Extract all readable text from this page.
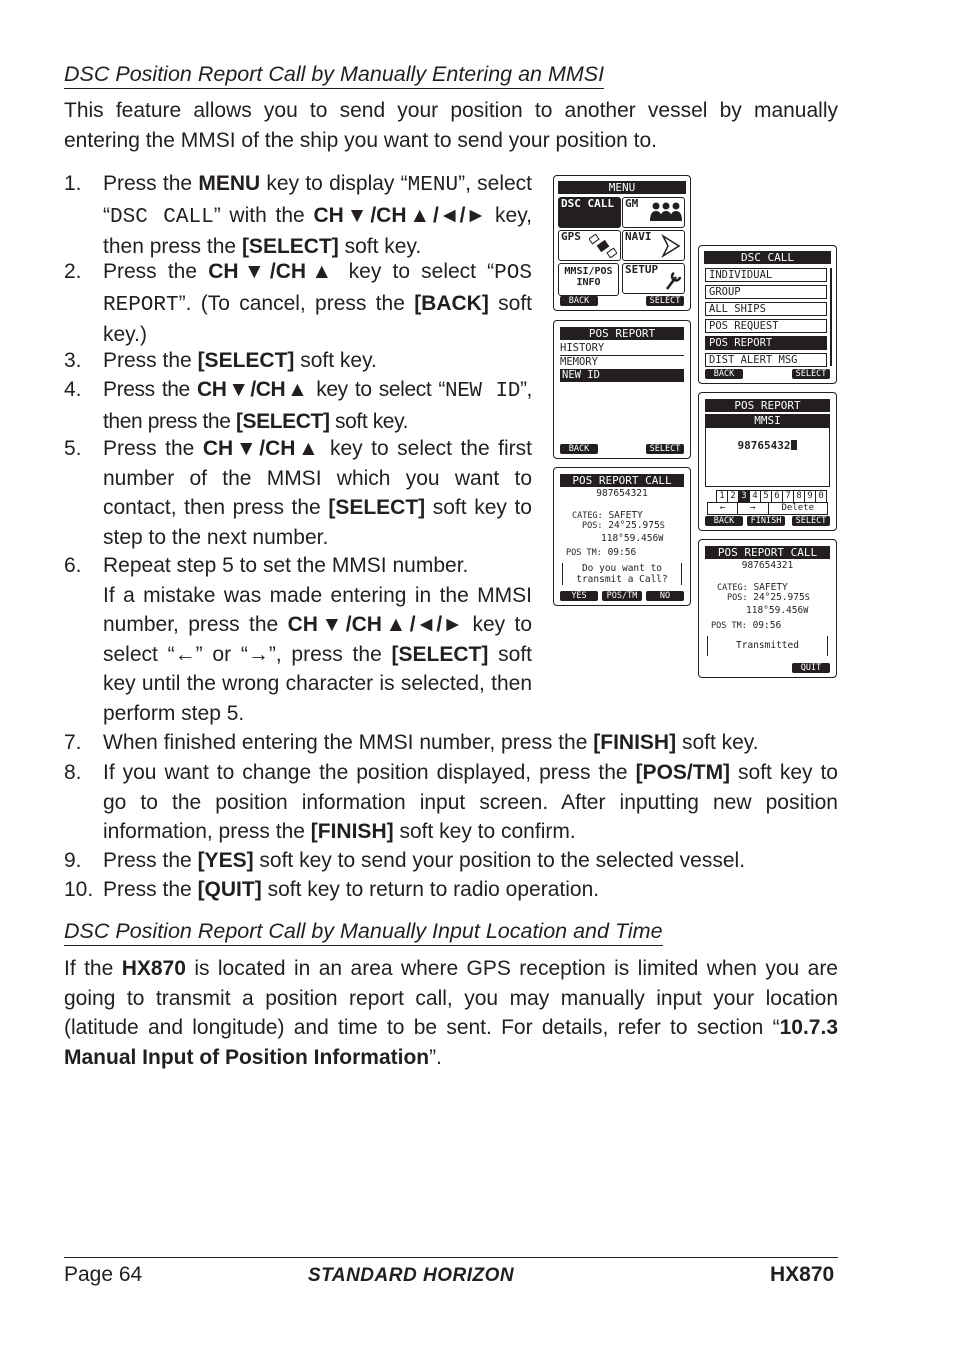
DSC Position Report Call by Manually Entering an MMSI
This feature allows you to send your position to another vessel by manually entering the MMSI of the ship you want to send your position to.
1. Press the MENU key to display “MENU”, select “DSC CALL” with the CH▼/CH▲/◄/► key, then press the [SELECT] soft key.
2. Press the CH▼/CH▲ key to select “POS REPORT”. (To cancel, press the [BACK] soft key.)
3. Press the [SELECT] soft key.
4. Press the CH▼/CH▲ key to select “NEW ID”, then press the [SELECT] soft key.
5. Press the CH▼/CH▲ key to select the first number of the MMSI which you want to contact, then press the [SELECT] soft key to step to the next number.
6. Repeat step 5 to set the MMSI number.
If a mistake was made entering in the MMSI number, press the CH▼/CH▲/◄/► key to select “←” or “→”, press the [SELECT] soft key until the wrong character is selected, then perform step 5.
7. When finished entering the MMSI number, press the [FINISH] soft key.
8. If you want to change the position displayed, press the [POS/TM] soft key to go to the position information input screen. After inputting new position information, press the [FINISH] soft key to confirm.
9. Press the [YES] soft key to send your position to the selected vessel.
10. Press the [QUIT] soft key to return to radio operation.
DSC Position Report Call by Manually Input Location and Time
If the HX870 is located in an area where GPS reception is limited when you are going to transmit a position report call, you may manually input your location (latitude and longitude) and time to be sent. For details, refer to section “10.7.3 Manual Input of Position Information”.
MENU
DSC CALL	GM
GPS	NAVI
MMSI/POS INFO
SETUP
BACK	SELECT
DSC CALL
INDIVIDUAL
GROUP
ALL SHIPS
POS REQUEST
POS REPORT
DIST ALERT MSG
BACK	SELECT
POS REPORT
HISTORY
MEMORY
NEW ID
BACK	SELECT
POS REPORT
MMSI
98765432
1 2 3 4 5 6 7 8 9 0
←	→	Delete
BACK	FINISH	SELECT
POS REPORT CALL
987654321
CATEG: SAFETY
POS: 24°25.975S
118°59.456W
POS TM: 09:56
Do you want to
transmit a Call?
YES	POS/TM	NO
POS REPORT CALL
987654321
CATEG: SAFETY
POS: 24°25.975S
118°59.456W
POS TM: 09:56
Transmitted
QUIT
Page 64	STANDARD HORIZON	HX870
